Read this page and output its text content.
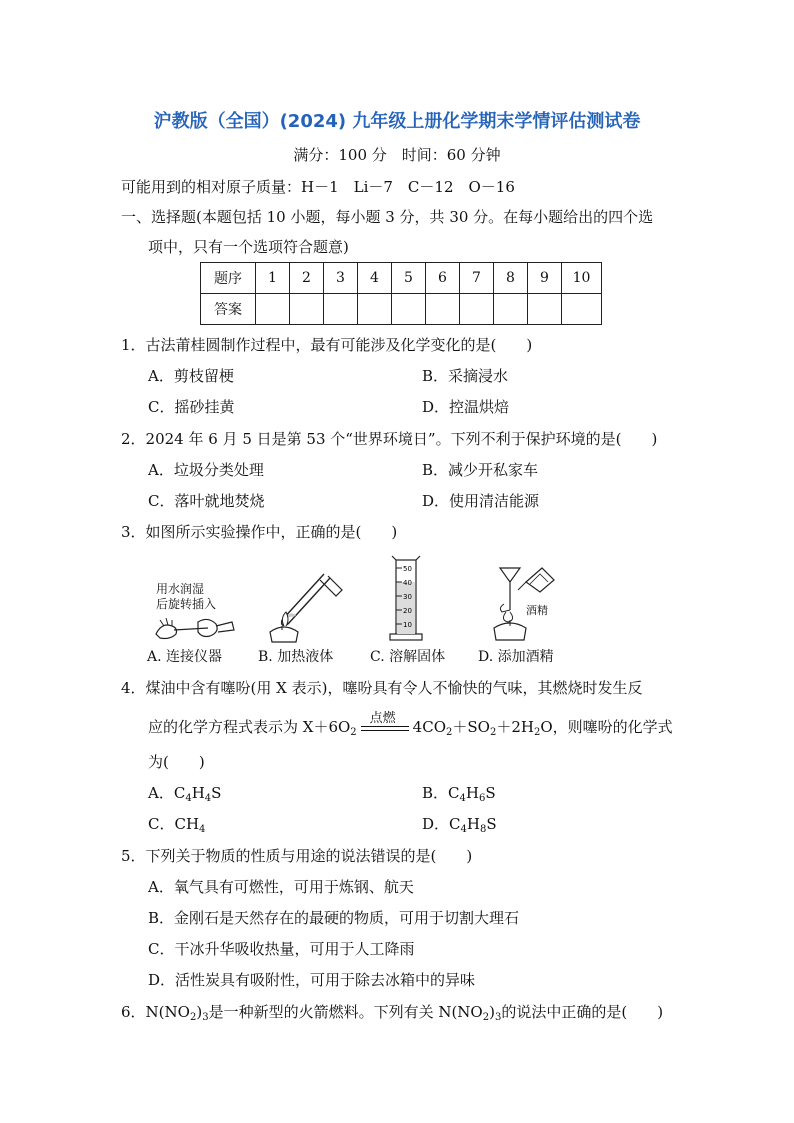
沪教版（全国）(2024) 九年级上册化学期末学情评估测试卷
满分：100 分　时间：60 分钟
可能用到的相对原子质量：H－1　Li－7　C－12　O－16
一、选择题(本题包括 10 小题，每小题 3 分，共 30 分。在每小题给出的四个选
项中，只有一个选项符合题意)
题序	1	2	3	4	5	6	7	8	9	10
答案										
1．古法莆桂圆制作过程中，最有可能涉及化学变化的是(　　)
A．剪枝留梗	B．采摘浸水
C．摇砂挂黄	D．控温烘焙
2．2024 年 6 月 5 日是第 53 个“世界环境日”。下列不利于保护环境的是(　　)
A．垃圾分类处理	B．减少开私家车
C．落叶就地焚烧	D．使用清洁能源
3．如图所示实验操作中，正确的是(　　)
用水润湿
后旋转插入
50
40
30
20
10
酒精
A. 连接仪器	B. 加热液体	C. 溶解固体 D. 添加酒精
4．煤油中含有噻吩(用 X 表示)，噻吩具有令人不愉快的气味，其燃烧时发生反
应的化学方程式表示为 $X+6O_2$
点燃 $4CO_2+SO_2+2H_2O$，则噻吩的化学式
为(　　)
A．$C_4H_4S$	B．$C_4H_6S$
C．$CH_4$	D．$C_4H_8S$
5．下列关于物质的性质与用途的说法错误的是(　　)
A．氧气具有可燃性，可用于炼钢、航天
B．金刚石是天然存在的最硬的物质，可用于切割大理石
C．干冰升华吸收热量，可用于人工降雨
D．活性炭具有吸附性，可用于除去冰箱中的异味
6．$N(NO_2)_3$是一种新型的火箭燃料。下列有关 $N(NO_2)_3$的说法中正确的是(　　)
